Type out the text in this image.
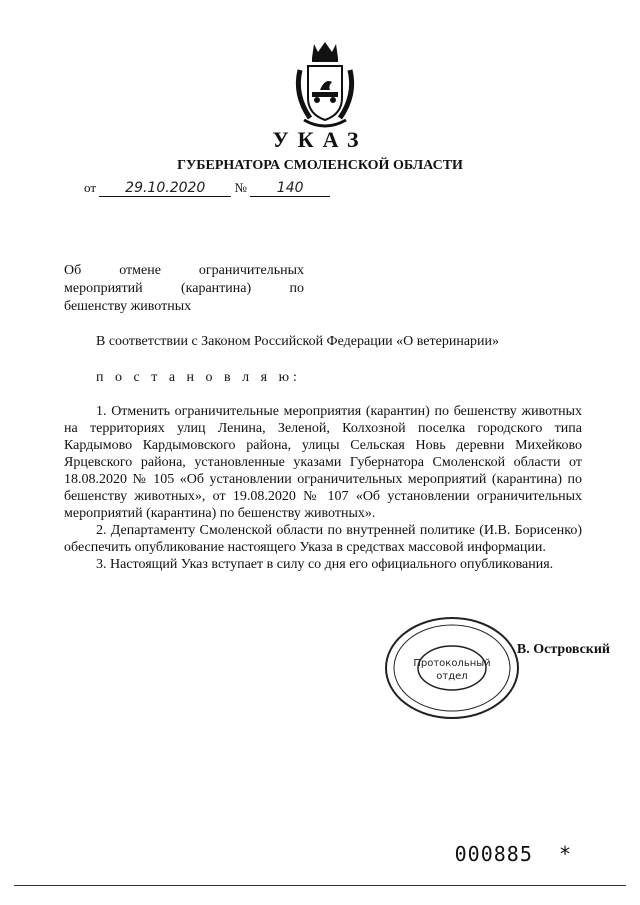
УКАЗ
ГУБЕРНАТОРА СМОЛЕНСКОЙ ОБЛАСТИ
от 29.10.2020 № 140
Об отмене ограничительных
мероприятий (карантина) по
бешенству животных
В соответствии с Законом Российской Федерации «О ветеринарии»
п о с т а н о в л я ю:

1. Отменить ограничительные мероприятия (карантин) по бешенству животных на территориях улиц Ленина, Зеленой, Колхозной поселка городского типа Кардымово Кардымовского района, улицы Сельская Новь деревни Михейково Ярцевского района, установленные указами Губернатора Смоленской области от 18.08.2020 № 105 «Об установлении ограничительных мероприятий (карантина) по бешенству животных», от 19.08.2020 № 107 «Об установлении ограничительных мероприятий (карантина) по бешенству животных».

2. Департаменту Смоленской области по внутренней политике (И.В. Борисенко) обеспечить опубликование настоящего Указа в средствах массовой информации.

3. Настоящий Указ вступает в силу со дня его официального опубликования.

Протокольный
отдел
В. Островский
000885 *
